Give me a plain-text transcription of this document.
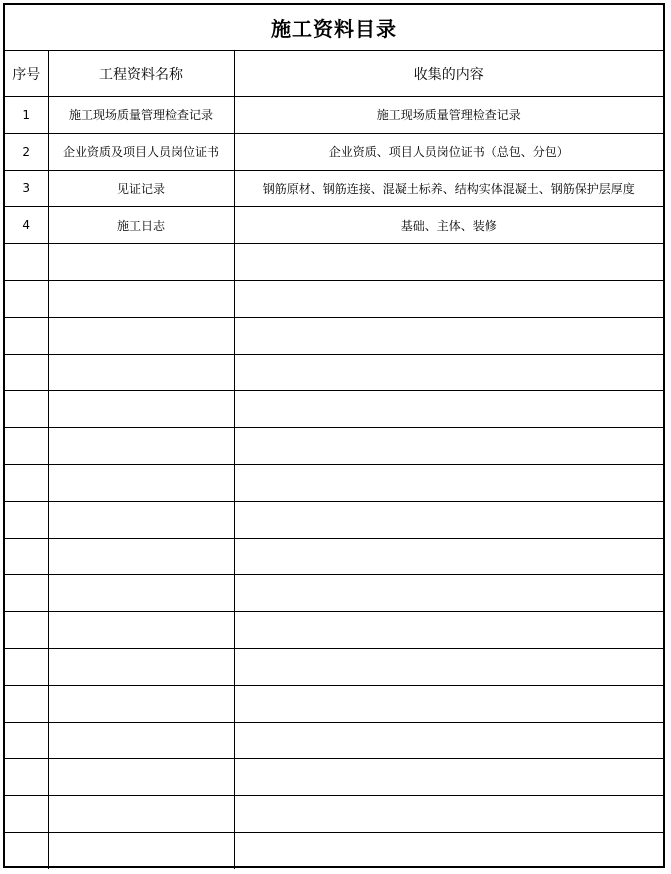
施工资料目录
序号	工程资料名称	收集的内容
1	施工现场质量管理检查记录	施工现场质量管理检查记录
2	企业资质及项目人员岗位证书	企业资质、项目人员岗位证书（总包、分包）
3	见证记录	钢筋原材、钢筋连接、混凝土标养、结构实体混凝土、钢筋保护层厚度
4	施工日志	基础、主体、装修
